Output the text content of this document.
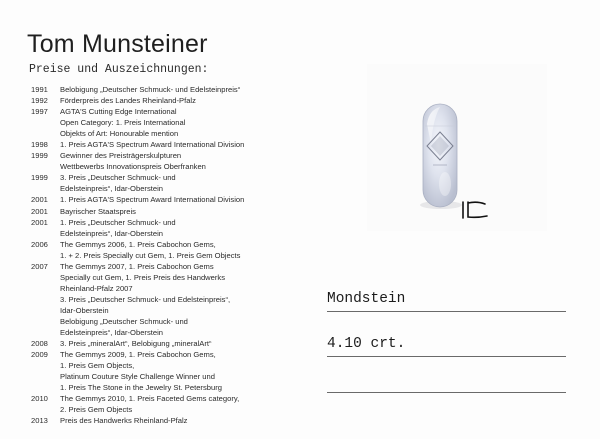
Tom Munsteiner
Preise und Auszeichnungen:
1991	Belobigung „Deutscher Schmuck- und Edelsteinpreis“
1992	Förderpreis des Landes Rheinland-Pfalz
1997	AGTA'S Cutting Edge International
Open Category: 1. Preis International
Objekts of Art: Honourable mention
1998	1. Preis AGTA'S Spectrum Award International Division
1999	Gewinner des Preisträgerskulpturen
Wettbewerbs Innovationspreis Oberfranken
1999	3. Preis „Deutscher Schmuck- und
Edelsteinpreis“, Idar-Oberstein
2001	1. Preis AGTA'S Spectrum Award International Division
2001	Bayrischer Staatspreis
2001	1. Preis „Deutscher Schmuck- und
Edelsteinpreis“, Idar-Oberstein
2006	The Gemmys 2006, 1. Preis Cabochon Gems,
1. + 2. Preis Specially cut Gem, 1. Preis Gem Objects
2007	The Gemmys 2007, 1. Preis Cabochon Gems
Specially cut Gem, 1. Preis Preis des Handwerks
Rheinland-Pfalz 2007
3. Preis „Deutscher Schmuck- und Edelsteinpreis“,
Idar-Oberstein
Belobigung „Deutscher Schmuck- und
Edelsteinpreis“, Idar-Oberstein
2008	3. Preis „mineralArt“, Belobigung „mineralArt“
2009	The Gemmys 2009, 1. Preis Cabochon Gems,
1. Preis Gem Objects,
Platinum Couture Style Challenge Winner und
1. Preis The Stone in the Jewelry St. Petersburg
2010	The Gemmys 2010, 1. Preis Faceted Gems category,
2. Preis Gem Objects
2013	Preis des Handwerks Rheinland-Pfalz
Mondstein
4.10 crt.
